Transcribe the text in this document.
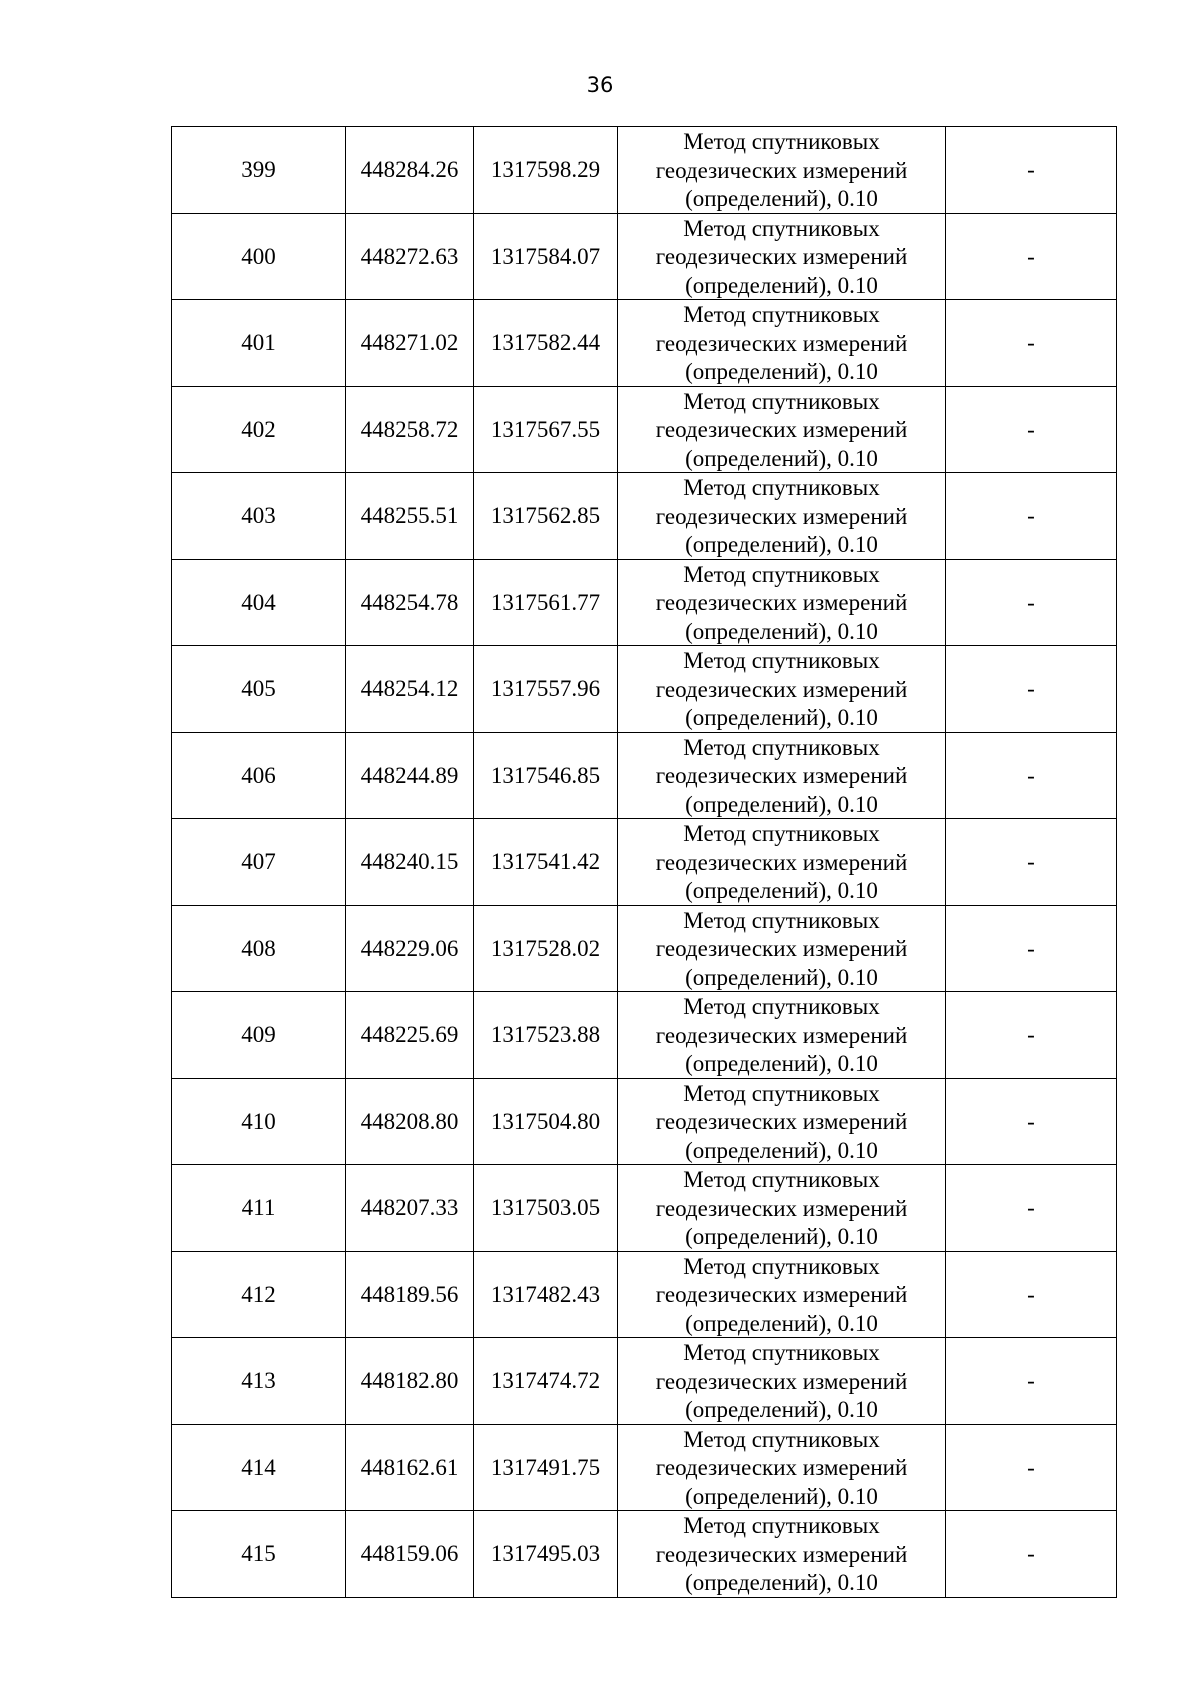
36
399	448284.26	1317598.29	Метод спутниковых
геодезических измерений
(определений), 0.10	-
400	448272.63	1317584.07	Метод спутниковых
геодезических измерений
(определений), 0.10	-
401	448271.02	1317582.44	Метод спутниковых
геодезических измерений
(определений), 0.10	-
402	448258.72	1317567.55	Метод спутниковых
геодезических измерений
(определений), 0.10	-
403	448255.51	1317562.85	Метод спутниковых
геодезических измерений
(определений), 0.10	-
404	448254.78	1317561.77	Метод спутниковых
геодезических измерений
(определений), 0.10	-
405	448254.12	1317557.96	Метод спутниковых
геодезических измерений
(определений), 0.10	-
406	448244.89	1317546.85	Метод спутниковых
геодезических измерений
(определений), 0.10	-
407	448240.15	1317541.42	Метод спутниковых
геодезических измерений
(определений), 0.10	-
408	448229.06	1317528.02	Метод спутниковых
геодезических измерений
(определений), 0.10	-
409	448225.69	1317523.88	Метод спутниковых
геодезических измерений
(определений), 0.10	-
410	448208.80	1317504.80	Метод спутниковых
геодезических измерений
(определений), 0.10	-
411	448207.33	1317503.05	Метод спутниковых
геодезических измерений
(определений), 0.10	-
412	448189.56	1317482.43	Метод спутниковых
геодезических измерений
(определений), 0.10	-
413	448182.80	1317474.72	Метод спутниковых
геодезических измерений
(определений), 0.10	-
414	448162.61	1317491.75	Метод спутниковых
геодезических измерений
(определений), 0.10	-
415	448159.06	1317495.03	Метод спутниковых
геодезических измерений
(определений), 0.10	-
